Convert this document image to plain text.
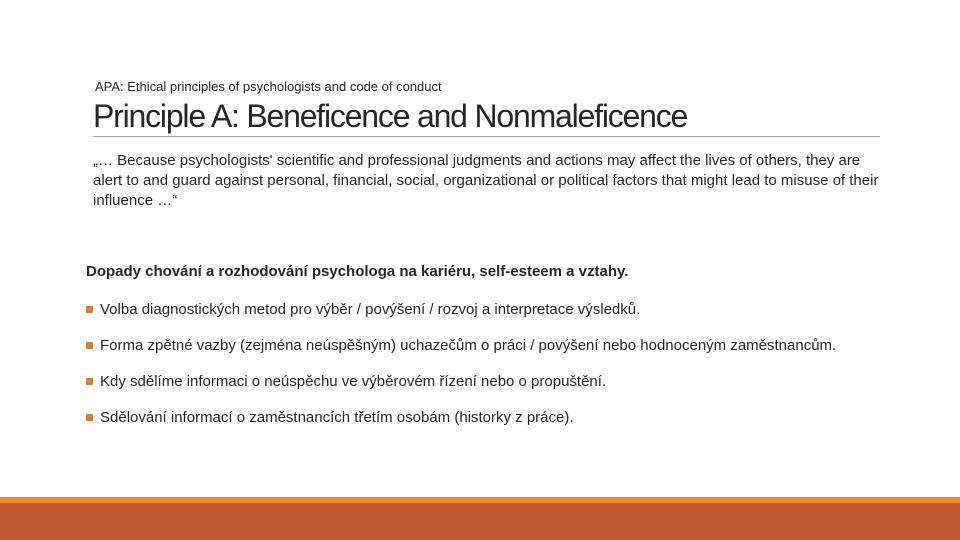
APA: Ethical principles of psychologists and code of conduct
Principle A: Beneficence and Nonmaleficence
„… Because psychologists' scientific and professional judgments and actions may affect the lives of others, they are alert to and guard against personal, financial, social, organizational or political factors that might lead to misuse of their influence …“
Dopady chování a rozhodování psychologa na kariéru, self-esteem a vztahy.
Volba diagnostických metod pro výběr / povýšení / rozvoj a interpretace výsledků.
Forma zpětné vazby (zejména neúspěšným) uchazečům o práci / povýšení nebo hodnoceným zaměstnancům.
Kdy sdělíme informaci o neúspěchu ve výběrovém řízení nebo o propuštění.
Sdělování informací o zaměstnancích třetím osobám (historky z práce).
